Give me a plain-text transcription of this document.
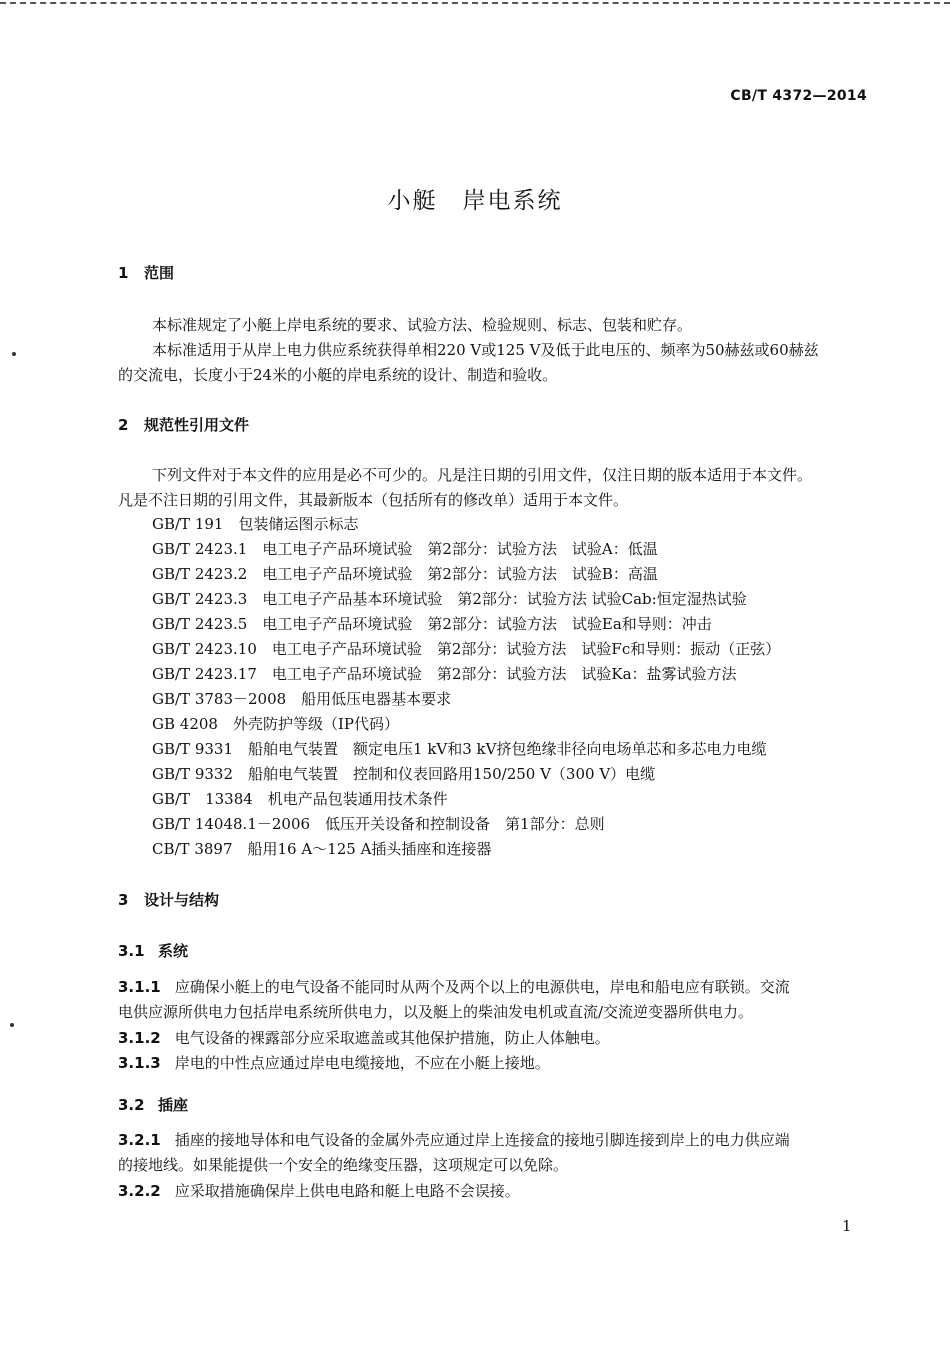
CB/T 4372—2014
小艇　岸电系统
1 范围
本标准规定了小艇上岸电系统的要求、试验方法、检验规则、标志、包装和贮存。
本标准适用于从岸上电力供应系统获得单相220 V或125 V及低于此电压的、频率为50赫兹或60赫兹
的交流电，长度小于24米的小艇的岸电系统的设计、制造和验收。
2 规范性引用文件
下列文件对于本文件的应用是必不可少的。凡是注日期的引用文件，仅注日期的版本适用于本文件。
凡是不注日期的引用文件，其最新版本（包括所有的修改单）适用于本文件。
GB/T 191　包装储运图示标志
GB/T 2423.1　电工电子产品环境试验　第2部分：试验方法　试验A：低温
GB/T 2423.2　电工电子产品环境试验　第2部分：试验方法　试验B：高温
GB/T 2423.3　电工电子产品基本环境试验　第2部分：试验方法 试验Cab:恒定湿热试验
GB/T 2423.5　电工电子产品环境试验　第2部分：试验方法　试验Ea和导则：冲击
GB/T 2423.10　电工电子产品环境试验　第2部分：试验方法　试验Fc和导则：振动（正弦）
GB/T 2423.17　电工电子产品环境试验　第2部分：试验方法　试验Ka：盐雾试验方法
GB/T 3783－2008　船用低压电器基本要求
GB 4208　外壳防护等级（IP代码）
GB/T 9331　船舶电气装置　额定电压1 kV和3 kV挤包绝缘非径向电场单芯和多芯电力电缆
GB/T 9332　船舶电气装置　控制和仪表回路用150/250 V（300 V）电缆
GB/T　13384　机电产品包装通用技术条件
GB/T 14048.1－2006　低压开关设备和控制设备　第1部分：总则
CB/T 3897　船用16 A～125 A插头插座和连接器
3 设计与结构
3.1 系统
3.1.1 应确保小艇上的电气设备不能同时从两个及两个以上的电源供电，岸电和船电应有联锁。交流
电供应源所供电力包括岸电系统所供电力，以及艇上的柴油发电机或直流/交流逆变器所供电力。
3.1.2 电气设备的裸露部分应采取遮盖或其他保护措施，防止人体触电。
3.1.3 岸电的中性点应通过岸电电缆接地，不应在小艇上接地。
3.2 插座
3.2.1 插座的接地导体和电气设备的金属外壳应通过岸上连接盒的接地引脚连接到岸上的电力供应端
的接地线。如果能提供一个安全的绝缘变压器，这项规定可以免除。
3.2.2 应采取措施确保岸上供电电路和艇上电路不会误接。
1
